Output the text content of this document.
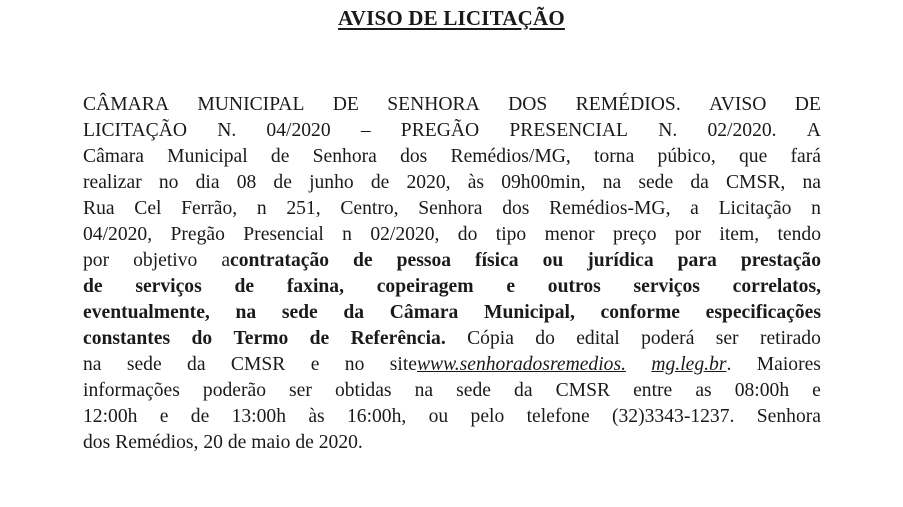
AVISO DE LICITAÇÃO
CÂMARA MUNICIPAL DE SENHORA DOS REMÉDIOS. AVISO DE
LICITAÇÃO N. 04/2020 – PREGÃO PRESENCIAL N. 02/2020. A
Câmara Municipal de Senhora dos Remédios/MG, torna púbico, que fará
realizar no dia 08 de junho de 2020, às 09h00min, na sede da CMSR, na
Rua Cel Ferrão, n 251, Centro, Senhora dos Remédios-MG, a Licitação n
04/2020, Pregão Presencial n 02/2020, do tipo menor preço por item, tendo
por objetivo acontratação de pessoa física ou jurídica para prestação
de serviços de faxina, copeiragem e outros serviços correlatos,
eventualmente, na sede da Câmara Municipal, conforme especificações
constantes do Termo de Referência. Cópia do edital poderá ser retirado
na sede da CMSR e no sitewww.senhoradosremedios. mg.leg.br. Maiores
informações poderão ser obtidas na sede da CMSR entre as 08:00h e
12:00h e de 13:00h às 16:00h, ou pelo telefone (32)3343-1237. Senhora
dos Remédios, 20 de maio de 2020.
